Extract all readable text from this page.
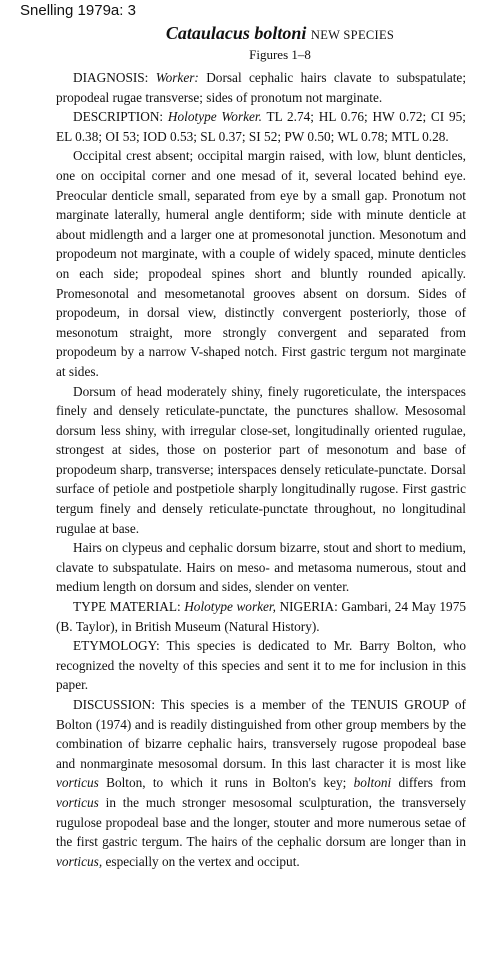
Snelling 1979a: 3
Cataulacus boltoni NEW SPECIES
Figures 1–8

DIAGNOSIS: Worker: Dorsal cephalic hairs clavate to subspatulate; propodeal rugae transverse; sides of pronotum not marginate.

DESCRIPTION: Holotype Worker. TL 2.74; HL 0.76; HW 0.72; CI 95; EL 0.38; OI 53; IOD 0.53; SL 0.37; SI 52; PW 0.50; WL 0.78; MTL 0.28.

Occipital crest absent; occipital margin raised, with low, blunt denticles, one on occipital corner and one mesad of it, several located behind eye. Preocular denticle small, separated from eye by a small gap. Pronotum not marginate laterally, humeral angle dentiform; side with minute denticle at about midlength and a larger one at promesonotal junction. Mesonotum and propodeum not marginate, with a couple of widely spaced, minute denticles on each side; propodeal spines short and bluntly rounded apically. Promesonotal and mesometanotal grooves absent on dorsum. Sides of propodeum, in dorsal view, distinctly convergent posteriorly, those of mesonotum straight, more strongly convergent and separated from propodeum by a narrow V-shaped notch. First gastric tergum not marginate at sides.

Dorsum of head moderately shiny, finely rugoreticulate, the interspaces finely and densely reticulate-punctate, the punctures shallow. Mesosomal dorsum less shiny, with irregular close-set, longitudinally oriented rugulae, strongest at sides, those on posterior part of mesonotum and base of propodeum sharp, transverse; interspaces densely reticulate-punctate. Dorsal surface of petiole and postpetiole sharply longitudinally rugose. First gastric tergum finely and densely reticulate-punctate throughout, no longitudinal rugulae at base.

Hairs on clypeus and cephalic dorsum bizarre, stout and short to medium, clavate to subspatulate. Hairs on meso- and metasoma numerous, stout and medium length on dorsum and sides, slender on venter.

TYPE MATERIAL: Holotype worker, NIGERIA: Gambari, 24 May 1975 (B. Taylor), in British Museum (Natural History).

ETYMOLOGY: This species is dedicated to Mr. Barry Bolton, who recognized the novelty of this species and sent it to me for inclusion in this paper.

DISCUSSION: This species is a member of the TENUIS GROUP of Bolton (1974) and is readily distinguished from other group members by the combination of bizarre cephalic hairs, transversely rugose propodeal base and nonmarginate mesosomal dorsum. In this last character it is most like vorticus Bolton, to which it runs in Bolton's key; boltoni differs from vorticus in the much stronger mesosomal sculpturation, the transversely rugulose propodeal base and the longer, stouter and more numerous setae of the first gastric tergum. The hairs of the cephalic dorsum are longer than in vorticus, especially on the vertex and occiput.
